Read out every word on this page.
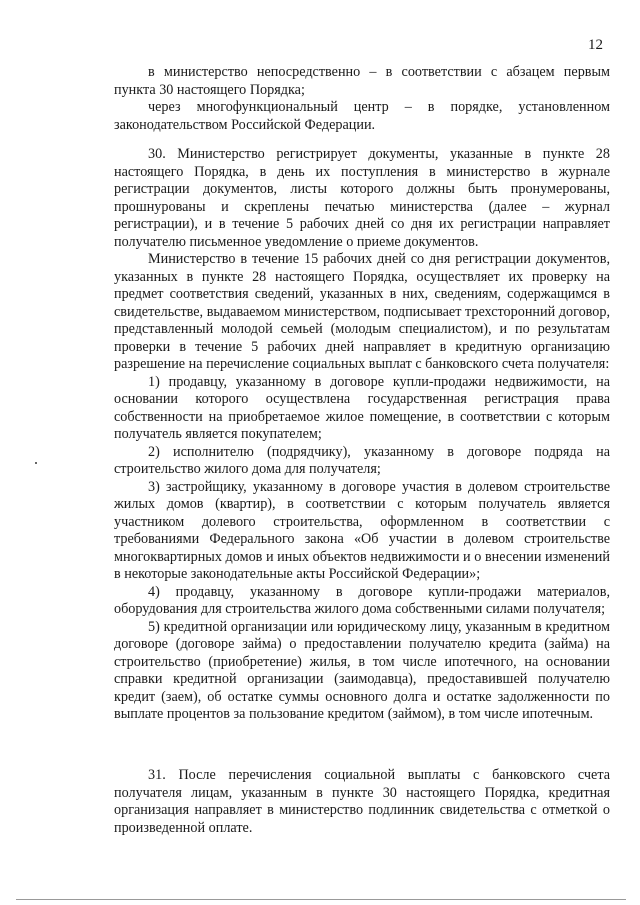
12

в министерство непосредственно – в соответствии с абзацем первым пункта 30 настоящего Порядка;

через многофункциональный центр – в порядке, установленном законодательством Российской Федерации.

30. Министерство регистрирует документы, указанные в пункте 28 настоящего Порядка, в день их поступления в министерство в журнале регистрации документов, листы которого должны быть пронумерованы, прошнурованы и скреплены печатью министерства (далее – журнал регистрации), и в течение 5 рабочих дней со дня их регистрации направляет получателю письменное уведомление о приеме документов.

Министерство в течение 15 рабочих дней со дня регистрации документов, указанных в пункте 28 настоящего Порядка, осуществляет их проверку на предмет соответствия сведений, указанных в них, сведениям, содержащимся в свидетельстве, выдаваемом министерством, подписывает трехсторонний договор, представленный молодой семьей (молодым специалистом), и по результатам проверки в течение 5 рабочих дней направляет в кредитную организацию разрешение на перечисление социальных выплат с банковского счета получателя:

1) продавцу, указанному в договоре купли-продажи недвижимости, на основании которого осуществлена государственная регистрация права собственности на приобретаемое жилое помещение, в соответствии с которым получатель является покупателем;

2) исполнителю (подрядчику), указанному в договоре подряда на строительство жилого дома для получателя;

3) застройщику, указанному в договоре участия в долевом строительстве жилых домов (квартир), в соответствии с которым получатель является участником долевого строительства, оформленном в соответствии с требованиями Федерального закона «Об участии в долевом строительстве многоквартирных домов и иных объектов недвижимости и о внесении изменений в некоторые законодательные акты Российской Федерации»;

4) продавцу, указанному в договоре купли-продажи материалов, оборудования для строительства жилого дома собственными силами получателя;

5) кредитной организации или юридическому лицу, указанным в кредитном договоре (договоре займа) о предоставлении получателю кредита (займа) на строительство (приобретение) жилья, в том числе ипотечного, на основании справки кредитной организации (заимодавца), предоставившей получателю кредит (заем), об остатке суммы основного долга и остатке задолженности по выплате процентов за пользование кредитом (займом), в том числе ипотечным.

31. После перечисления социальной выплаты с банковского счета получателя лицам, указанным в пункте 30 настоящего Порядка, кредитная организация направляет в министерство подлинник свидетельства с отметкой о произведенной оплате.
